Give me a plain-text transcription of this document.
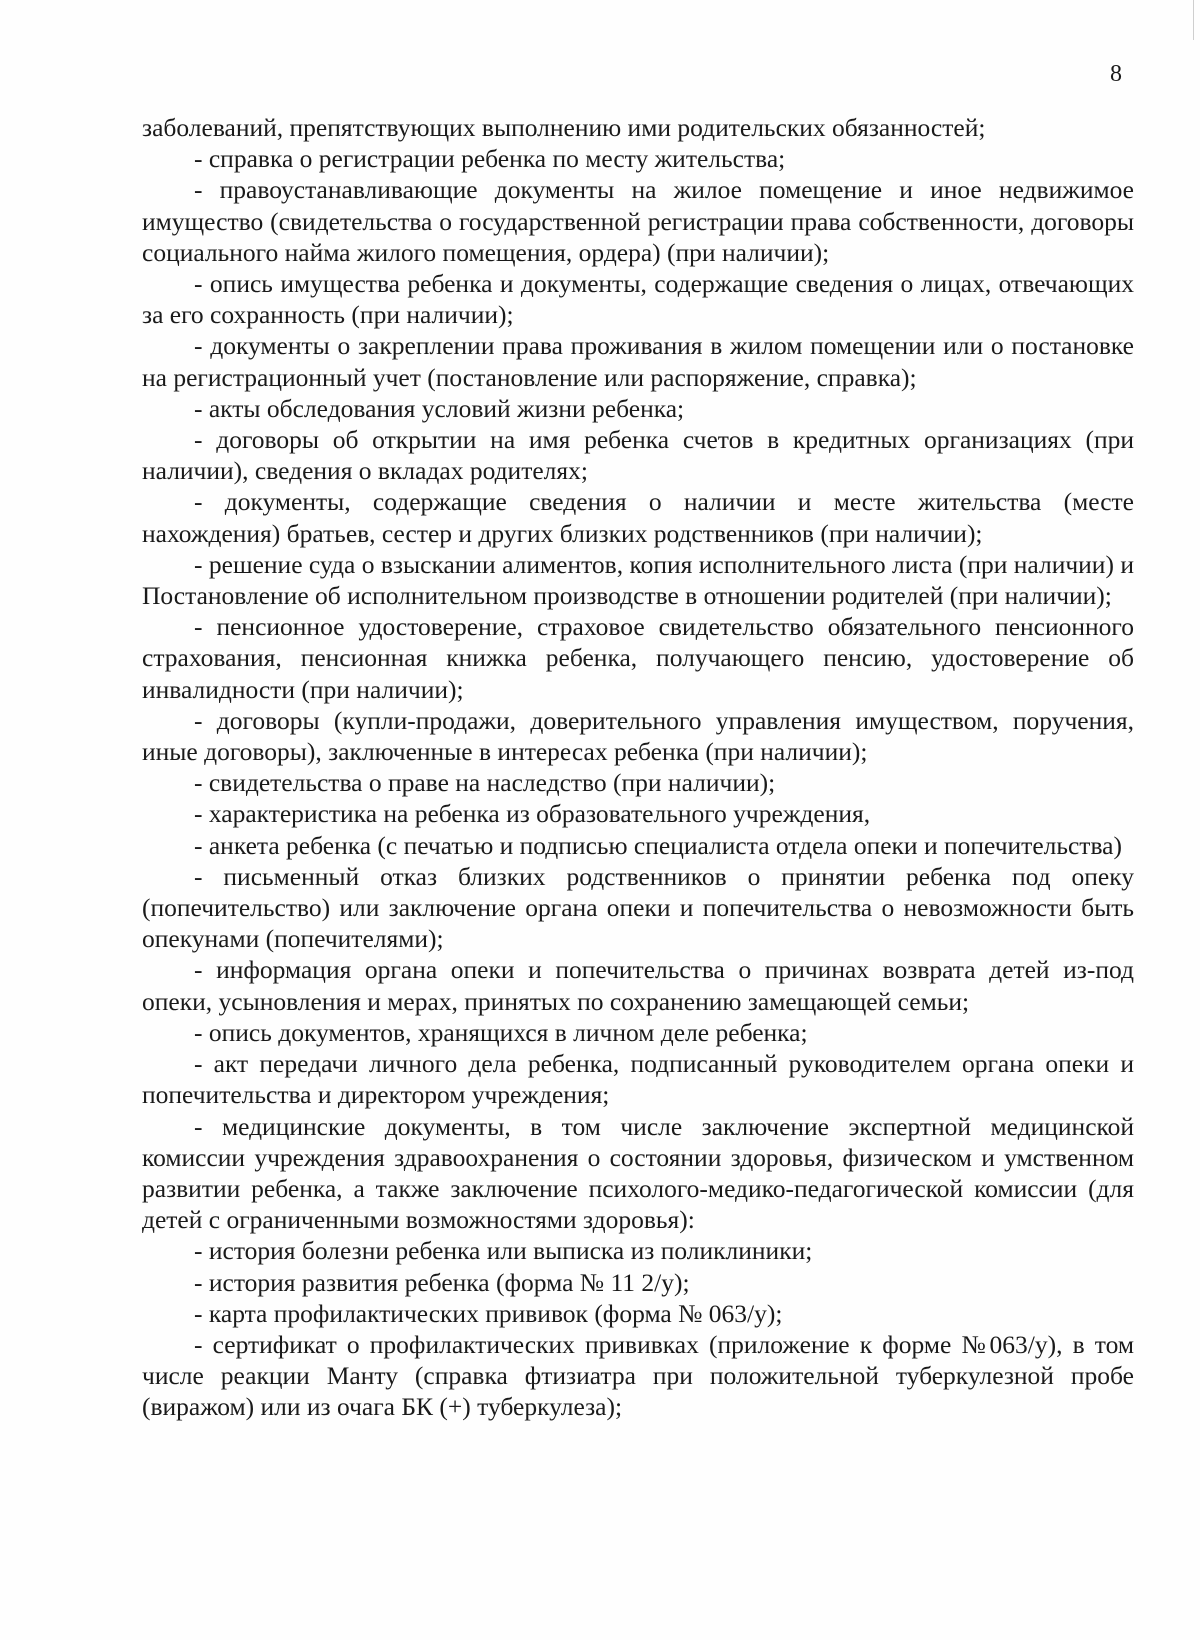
8

заболеваний, препятствующих выполнению ими родительских обязанностей;

- справка о регистрации ребенка по месту жительства;

- правоустанавливающие документы на жилое помещение и иное недвижимое имущество (свидетельства о государственной регистрации права собственности, договоры социального найма жилого помещения, ордера) (при наличии);

- опись имущества ребенка и документы, содержащие сведения о лицах, отвечающих за его сохранность (при наличии);

- документы о закреплении права проживания в жилом помещении или о постановке на регистрационный учет (постановление или распоряжение, справка);

- акты обследования условий жизни ребенка;

- договоры об открытии на имя ребенка счетов в кредитных организациях (при наличии), сведения о вкладах родителях;

- документы, содержащие сведения о наличии и месте жительства (месте нахождения) братьев, сестер и других близких родственников (при наличии);

- решение суда о взыскании алиментов, копия исполнительного листа (при наличии) и Постановление об исполнительном производстве в отношении родителей (при наличии);

- пенсионное удостоверение, страховое свидетельство обязательного пенсионного страхования, пенсионная книжка ребенка, получающего пенсию, удостоверение об инвалидности (при наличии);

- договоры (купли-продажи, доверительного управления имуществом, поручения, иные договоры), заключенные в интересах ребенка (при наличии);

- свидетельства о праве на наследство (при наличии);

- характеристика на ребенка из образовательного учреждения,

- анкета ребенка (с печатью и подписью специалиста отдела опеки и попечительства)

- письменный отказ близких родственников о принятии ребенка под опеку (попечительство) или заключение органа опеки и попечительства о невозможности быть опекунами (попечителями);

- информация органа опеки и попечительства о причинах возврата детей из-под опеки, усыновления и мерах, принятых по сохранению замещающей семьи;

- опись документов, хранящихся в личном деле ребенка;

- акт передачи личного дела ребенка, подписанный руководителем органа опеки и попечительства и директором учреждения;

- медицинские документы, в том числе заключение экспертной медицинской комиссии учреждения здравоохранения о состоянии здоровья, физическом и умственном развитии ребенка, а также заключение психолого-медико-педагогической комиссии (для детей с ограниченными возможностями здоровья):

- история болезни ребенка или выписка из поликлиники;

- история развития ребенка (форма № 11 2/у);

- карта профилактических прививок (форма № 063/у);

- сертификат о профилактических прививках (приложение к форме №063/у), в том числе реакции Манту (справка фтизиатра при положительной туберкулезной пробе (виражом) или из очага БК (+) туберкулеза);
